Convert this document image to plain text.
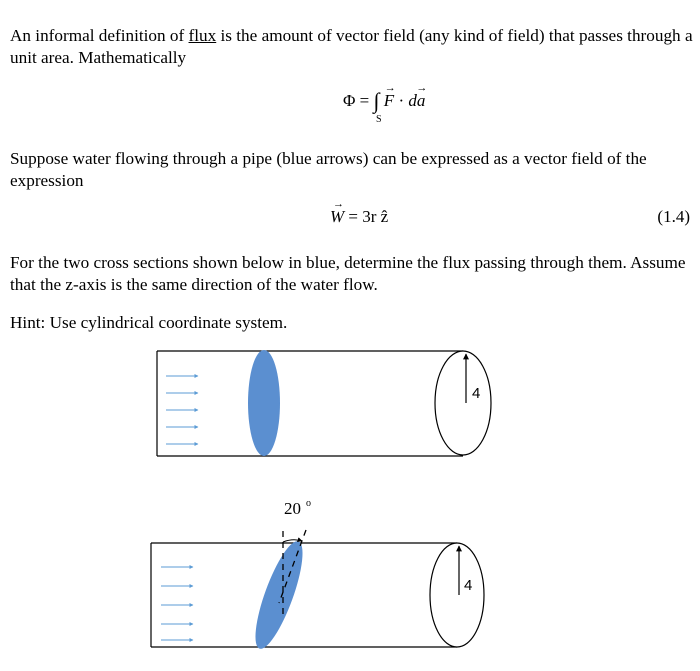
An informal definition of flux is the amount of vector field (any kind of field) that passes through a unit area. Mathematically

Φ = ∫ F
→
· da
→
S

Suppose water flowing through a pipe (blue arrows) can be expressed as a vector field of the expression

W
→
= 3r ẑ	(1.4)

For the two cross sections shown below in blue, determine the flux passing through them. Assume that the z-axis is the same direction of the water flow.

Hint: Use cylindrical coordinate system.

4
4
20 o
